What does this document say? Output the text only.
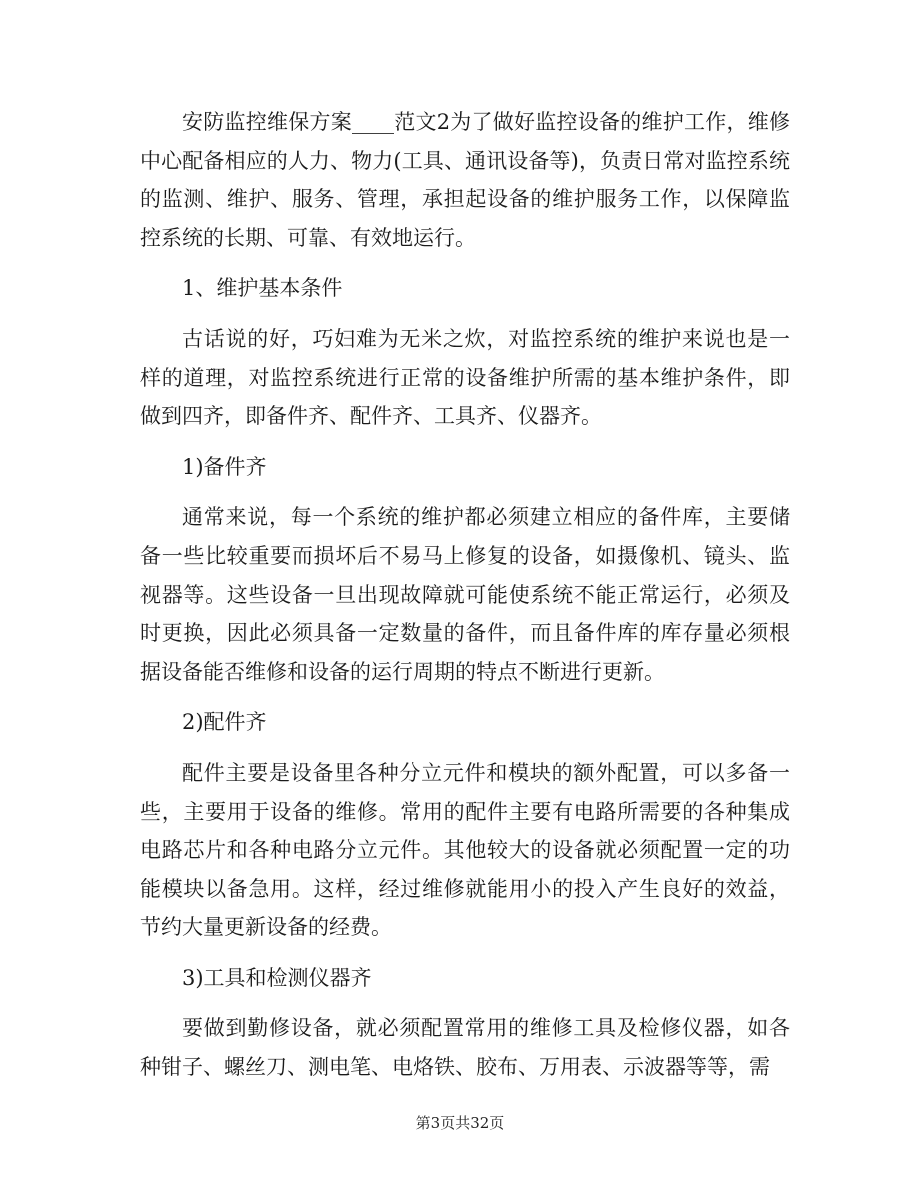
安防监控维保方案____范文2为了做好监控设备的维护工作，维修中心配备相应的人力、物力(工具、通讯设备等)，负责日常对监控系统的监测、维护、服务、管理，承担起设备的维护服务工作，以保障监控系统的长期、可靠、有效地运行。

1、维护基本条件

古话说的好，巧妇难为无米之炊，对监控系统的维护来说也是一样的道理，对监控系统进行正常的设备维护所需的基本维护条件，即做到四齐，即备件齐、配件齐、工具齐、仪器齐。

1)备件齐

通常来说，每一个系统的维护都必须建立相应的备件库，主要储备一些比较重要而损坏后不易马上修复的设备，如摄像机、镜头、监视器等。这些设备一旦出现故障就可能使系统不能正常运行，必须及时更换，因此必须具备一定数量的备件，而且备件库的库存量必须根据设备能否维修和设备的运行周期的特点不断进行更新。

2)配件齐

配件主要是设备里各种分立元件和模块的额外配置，可以多备一些，主要用于设备的维修。常用的配件主要有电路所需要的各种集成电路芯片和各种电路分立元件。其他较大的设备就必须配置一定的功能模块以备急用。这样，经过维修就能用小的投入产生良好的效益，节约大量更新设备的经费。

3)工具和检测仪器齐

要做到勤修设备，就必须配置常用的维修工具及检修仪器，如各种钳子、螺丝刀、测电笔、电烙铁、胶布、万用表、示波器等等，需

第3页共32页
